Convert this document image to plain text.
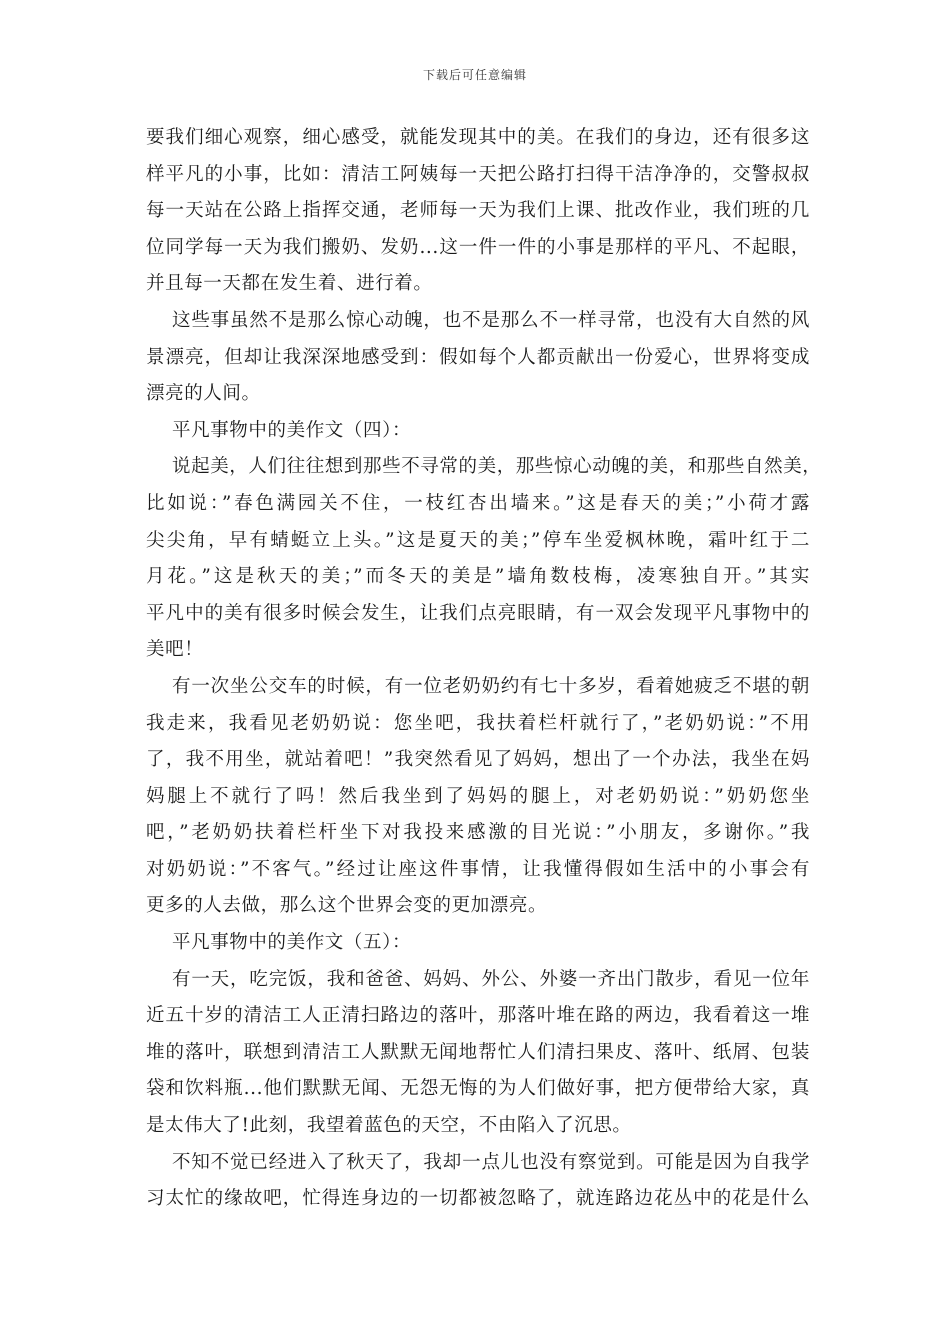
下载后可任意编辑
要我们细心观察，细心感受，就能发现其中的美。在我们的身边，还有很多这
样平凡的小事，比如：清洁工阿姨每一天把公路打扫得干洁净净的，交警叔叔
每一天站在公路上指挥交通，老师每一天为我们上课、批改作业，我们班的几
位同学每一天为我们搬奶、发奶...这一件一件的小事是那样的平凡、不起眼，
并且每一天都在发生着、进行着。
这些事虽然不是那么惊心动魄，也不是那么不一样寻常，也没有大自然的风
景漂亮，但却让我深深地感受到：假如每个人都贡献出一份爱心，世界将变成
漂亮的人间。
平凡事物中的美作文（四）：
说起美，人们往往想到那些不寻常的美，那些惊心动魄的美，和那些自然美，
比如说：”春色满园关不住，一枝红杏出墙来。”这是春天的美；”小荷才露
尖尖角，早有蜻蜓立上头。”这是夏天的美；”停车坐爱枫林晚，霜叶红于二
月花。”这是秋天的美；”而冬天的美是”墙角数枝梅，凌寒独自开。”其实
平凡中的美有很多时候会发生，让我们点亮眼睛，有一双会发现平凡事物中的
美吧！
有一次坐公交车的时候，有一位老奶奶约有七十多岁，看着她疲乏不堪的朝
我走来，我看见老奶奶说：您坐吧，我扶着栏杆就行了，”老奶奶说：”不用
了，我不用坐，就站着吧！”我突然看见了妈妈，想出了一个办法，我坐在妈
妈腿上不就行了吗！然后我坐到了妈妈的腿上，对老奶奶说：”奶奶您坐
吧，”老奶奶扶着栏杆坐下对我投来感激的目光说：”小朋友，多谢你。”我
对奶奶说：”不客气。”经过让座这件事情，让我懂得假如生活中的小事会有
更多的人去做，那么这个世界会变的更加漂亮。
平凡事物中的美作文（五）：
有一天，吃完饭，我和爸爸、妈妈、外公、外婆一齐出门散步，看见一位年
近五十岁的清洁工人正清扫路边的落叶，那落叶堆在路的两边，我看着这一堆
堆的落叶，联想到清洁工人默默无闻地帮忙人们清扫果皮、落叶、纸屑、包装
袋和饮料瓶...他们默默无闻、无怨无悔的为人们做好事，把方便带给大家，真
是太伟大了!此刻，我望着蓝色的天空，不由陷入了沉思。
不知不觉已经进入了秋天了，我却一点儿也没有察觉到。可能是因为自我学
习太忙的缘故吧，忙得连身边的一切都被忽略了，就连路边花丛中的花是什么
